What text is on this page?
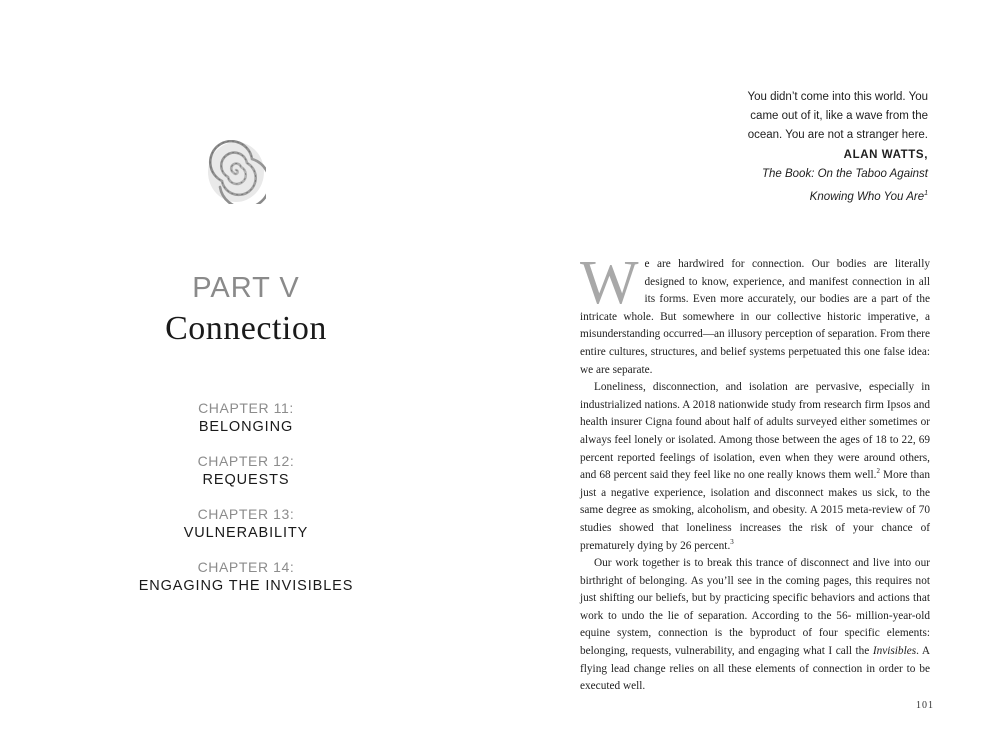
PART V
Connection
CHAPTER 11:
BELONGING
CHAPTER 12:
REQUESTS
CHAPTER 13:
VULNERABILITY
CHAPTER 14:
ENGAGING THE INVISIBLES
You didn’t come into this world. You
came out of it, like a wave from the
ocean. You are not a stranger here.
ALAN WATTS,
The Book: On the Taboo Against
Knowing Who You Are$^1$

We are hardwired for connection. Our bodies are literally designed to know, experience, and manifest connection in all its forms. Even more accurately, our bodies are a part of the intricate whole. But somewhere in our collective historic imperative, a misunderstanding occurred—an illusory perception of separation. From there entire cultures, structures, and belief systems perpetuated this one false idea: we are separate.

Loneliness, disconnection, and isolation are pervasive, especially in industrialized nations. A 2018 nationwide study from research firm Ipsos and health insurer Cigna found about half of adults surveyed either sometimes or always feel lonely or isolated. Among those between the ages of 18 to 22, 69 percent reported feelings of isolation, even when they were around others, and 68 percent said they feel like no one really knows them well.$^2$ More than just a negative experience, isolation and disconnect makes us sick, to the same degree as smoking, alcoholism, and obesity. A 2015 meta-review of 70 studies showed that loneliness increases the risk of your chance of prematurely dying by 26 percent.$^3$

Our work together is to break this trance of disconnect and live into our birthright of belonging. As you’ll see in the coming pages, this requires not just shifting our beliefs, but by practicing specific behaviors and actions that work to undo the lie of separation. According to the 56- million-year-old equine system, connection is the byproduct of four specific elements: belonging, requests, vulnerability, and engaging what I call the Invisibles. A flying lead change relies on all these elements of connection in order to be executed well.

101
